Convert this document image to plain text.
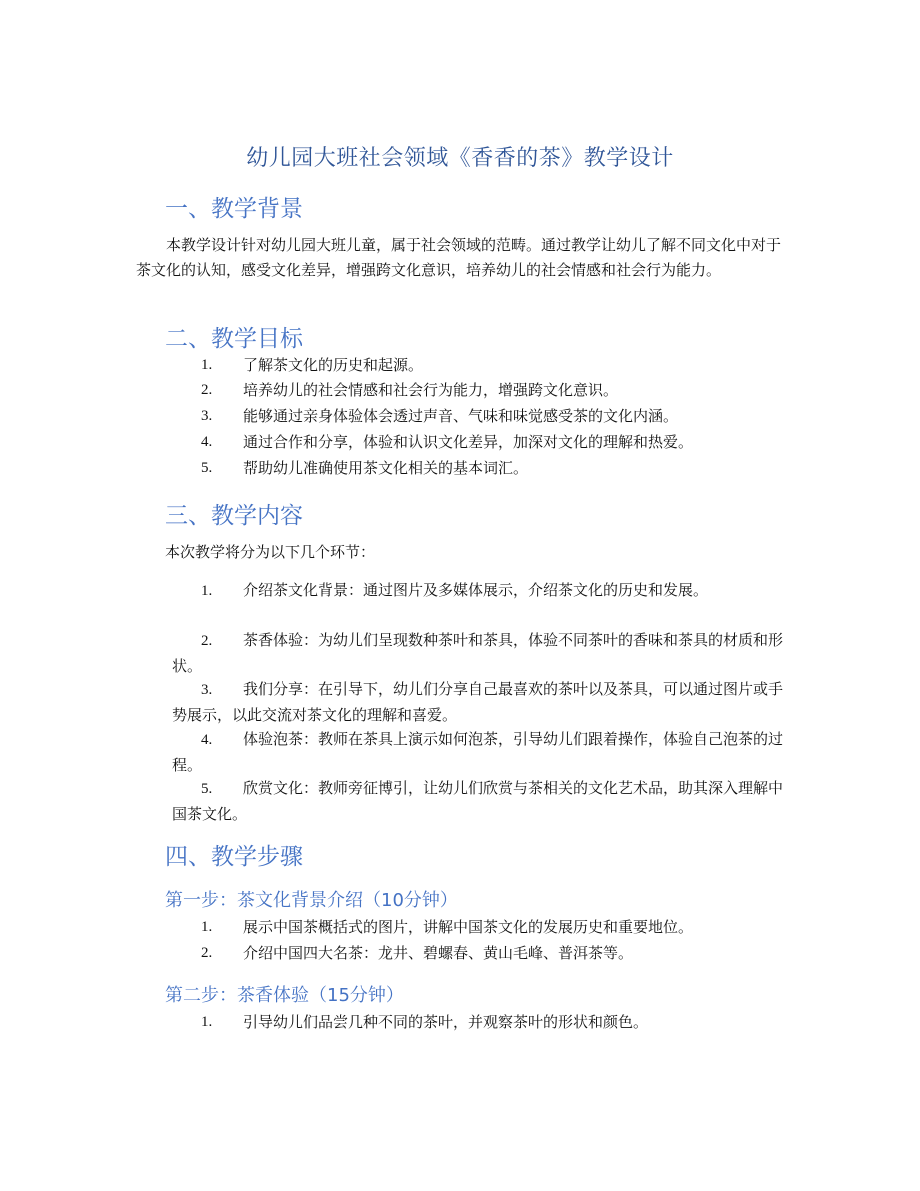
幼儿园大班社会领域《香香的茶》教学设计
一、教学背景

本教学设计针对幼儿园大班儿童，属于社会领域的范畴。通过教学让幼儿了解不同文化中对于茶文化的认知，感受文化差异，增强跨文化意识，培养幼儿的社会情感和社会行为能力。

二、教学目标
1. 了解茶文化的历史和起源。
2. 培养幼儿的社会情感和社会行为能力，增强跨文化意识。
3. 能够通过亲身体验体会透过声音、气味和味觉感受茶的文化内涵。
4. 通过合作和分享，体验和认识文化差异，加深对文化的理解和热爱。
5. 帮助幼儿准确使用茶文化相关的基本词汇。
三、教学内容

本次教学将分为以下几个环节：

1. 介绍茶文化背景：通过图片及多媒体展示，介绍茶文化的历史和发展。

2. 茶香体验：为幼儿们呈现数种茶叶和茶具，体验不同茶叶的香味和茶具的材质和形状。

3. 我们分享：在引导下，幼儿们分享自己最喜欢的茶叶以及茶具，可以通过图片或手势展示，以此交流对茶文化的理解和喜爱。

4. 体验泡茶：教师在茶具上演示如何泡茶，引导幼儿们跟着操作，体验自己泡茶的过程。

5. 欣赏文化：教师旁征博引，让幼儿们欣赏与茶相关的文化艺术品，助其深入理解中国茶文化。

四、教学步骤
第一步：茶文化背景介绍（10分钟）
1. 展示中国茶概括式的图片，讲解中国茶文化的发展历史和重要地位。
2. 介绍中国四大名茶：龙井、碧螺春、黄山毛峰、普洱茶等。
第二步：茶香体验（15分钟）
1. 引导幼儿们品尝几种不同的茶叶，并观察茶叶的形状和颜色。
